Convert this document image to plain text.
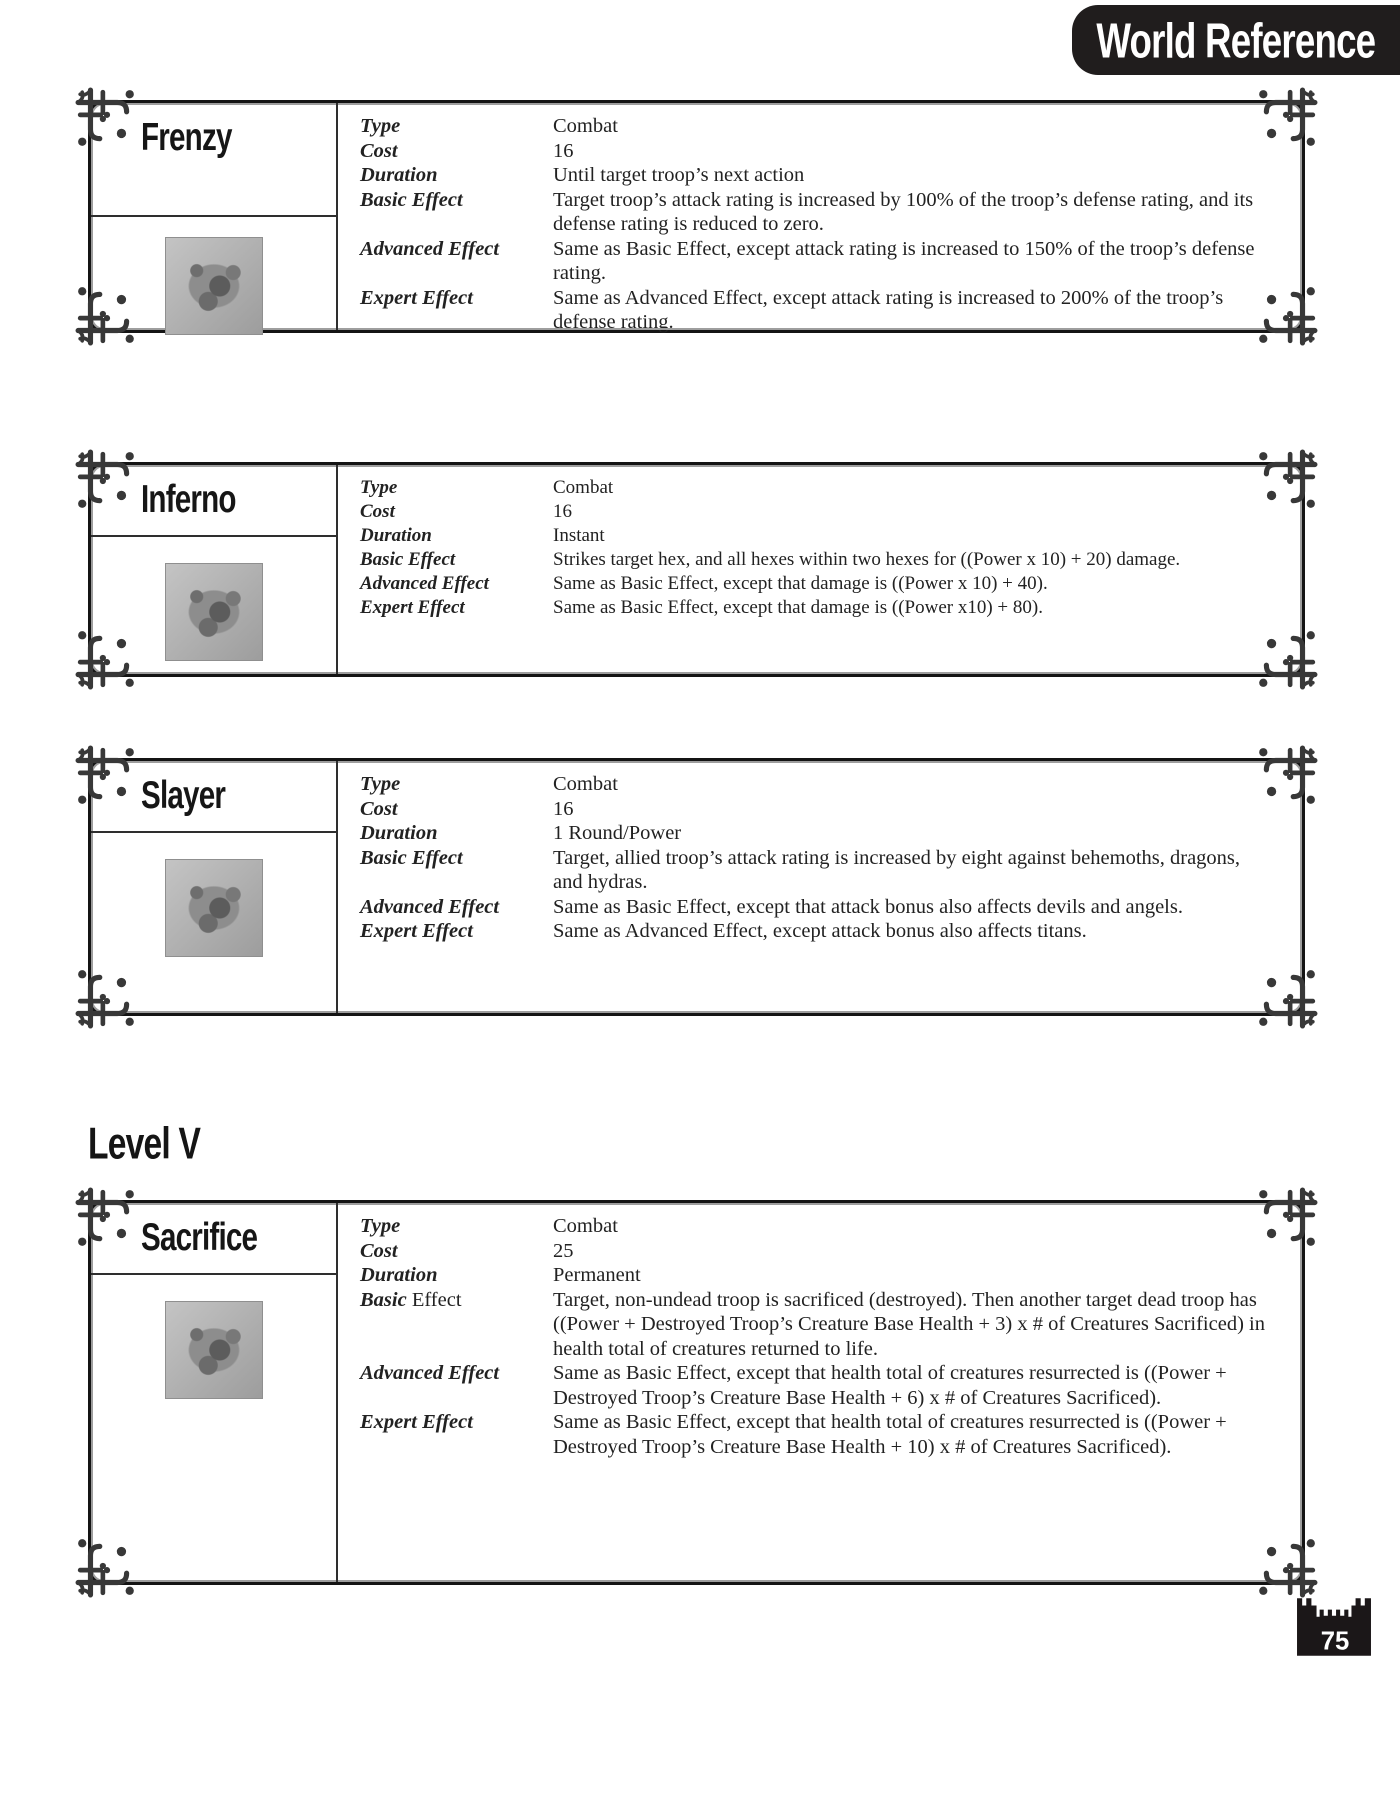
World Reference
Level V
Frenzy	Type	Combat
Cost	16
Duration	Until target troop’s next action
Basic Effect	Target troop’s attack rating is increased by 100% of the troop’s defense rating, and its defense rating is reduced to zero.
Advanced Effect	Same as Basic Effect, except attack rating is increased to 150% of the troop’s defense rating.
Expert Effect	Same as Advanced Effect, except attack rating is increased to 200% of the troop’s defense rating.
Inferno	Type	Combat
Cost	16
Duration	Instant
Basic Effect	Strikes target hex, and all hexes within two hexes for ((Power x 10) + 20) damage.
Advanced Effect	Same as Basic Effect, except that damage is ((Power x 10) + 40).
Expert Effect	Same as Basic Effect, except that damage is ((Power x10) + 80).
Slayer	Type	Combat
Cost	16
Duration	1 Round/Power
Basic Effect	Target, allied troop’s attack rating is increased by eight against behemoths, dragons, and hydras.
Advanced Effect	Same as Basic Effect, except that attack bonus also affects devils and angels.
Expert Effect	Same as Advanced Effect, except attack bonus also affects titans.
Sacrifice	Type	Combat
Cost	25
Duration	Permanent
Basic Effect	Target, non-undead troop is sacrificed (destroyed). Then another target dead troop has ((Power + Destroyed Troop’s Creature Base Health + 3) x # of Creatures Sacrificed) in health total of creatures returned to life.
Advanced Effect	Same as Basic Effect, except that health total of creatures resurrected is ((Power + Destroyed Troop’s Creature Base Health + 6) x # of Creatures Sacrificed).
Expert Effect	Same as Basic Effect, except that health total of creatures resurrected is ((Power + Destroyed Troop’s Creature Base Health + 10) x # of Creatures Sacrificed).
75
